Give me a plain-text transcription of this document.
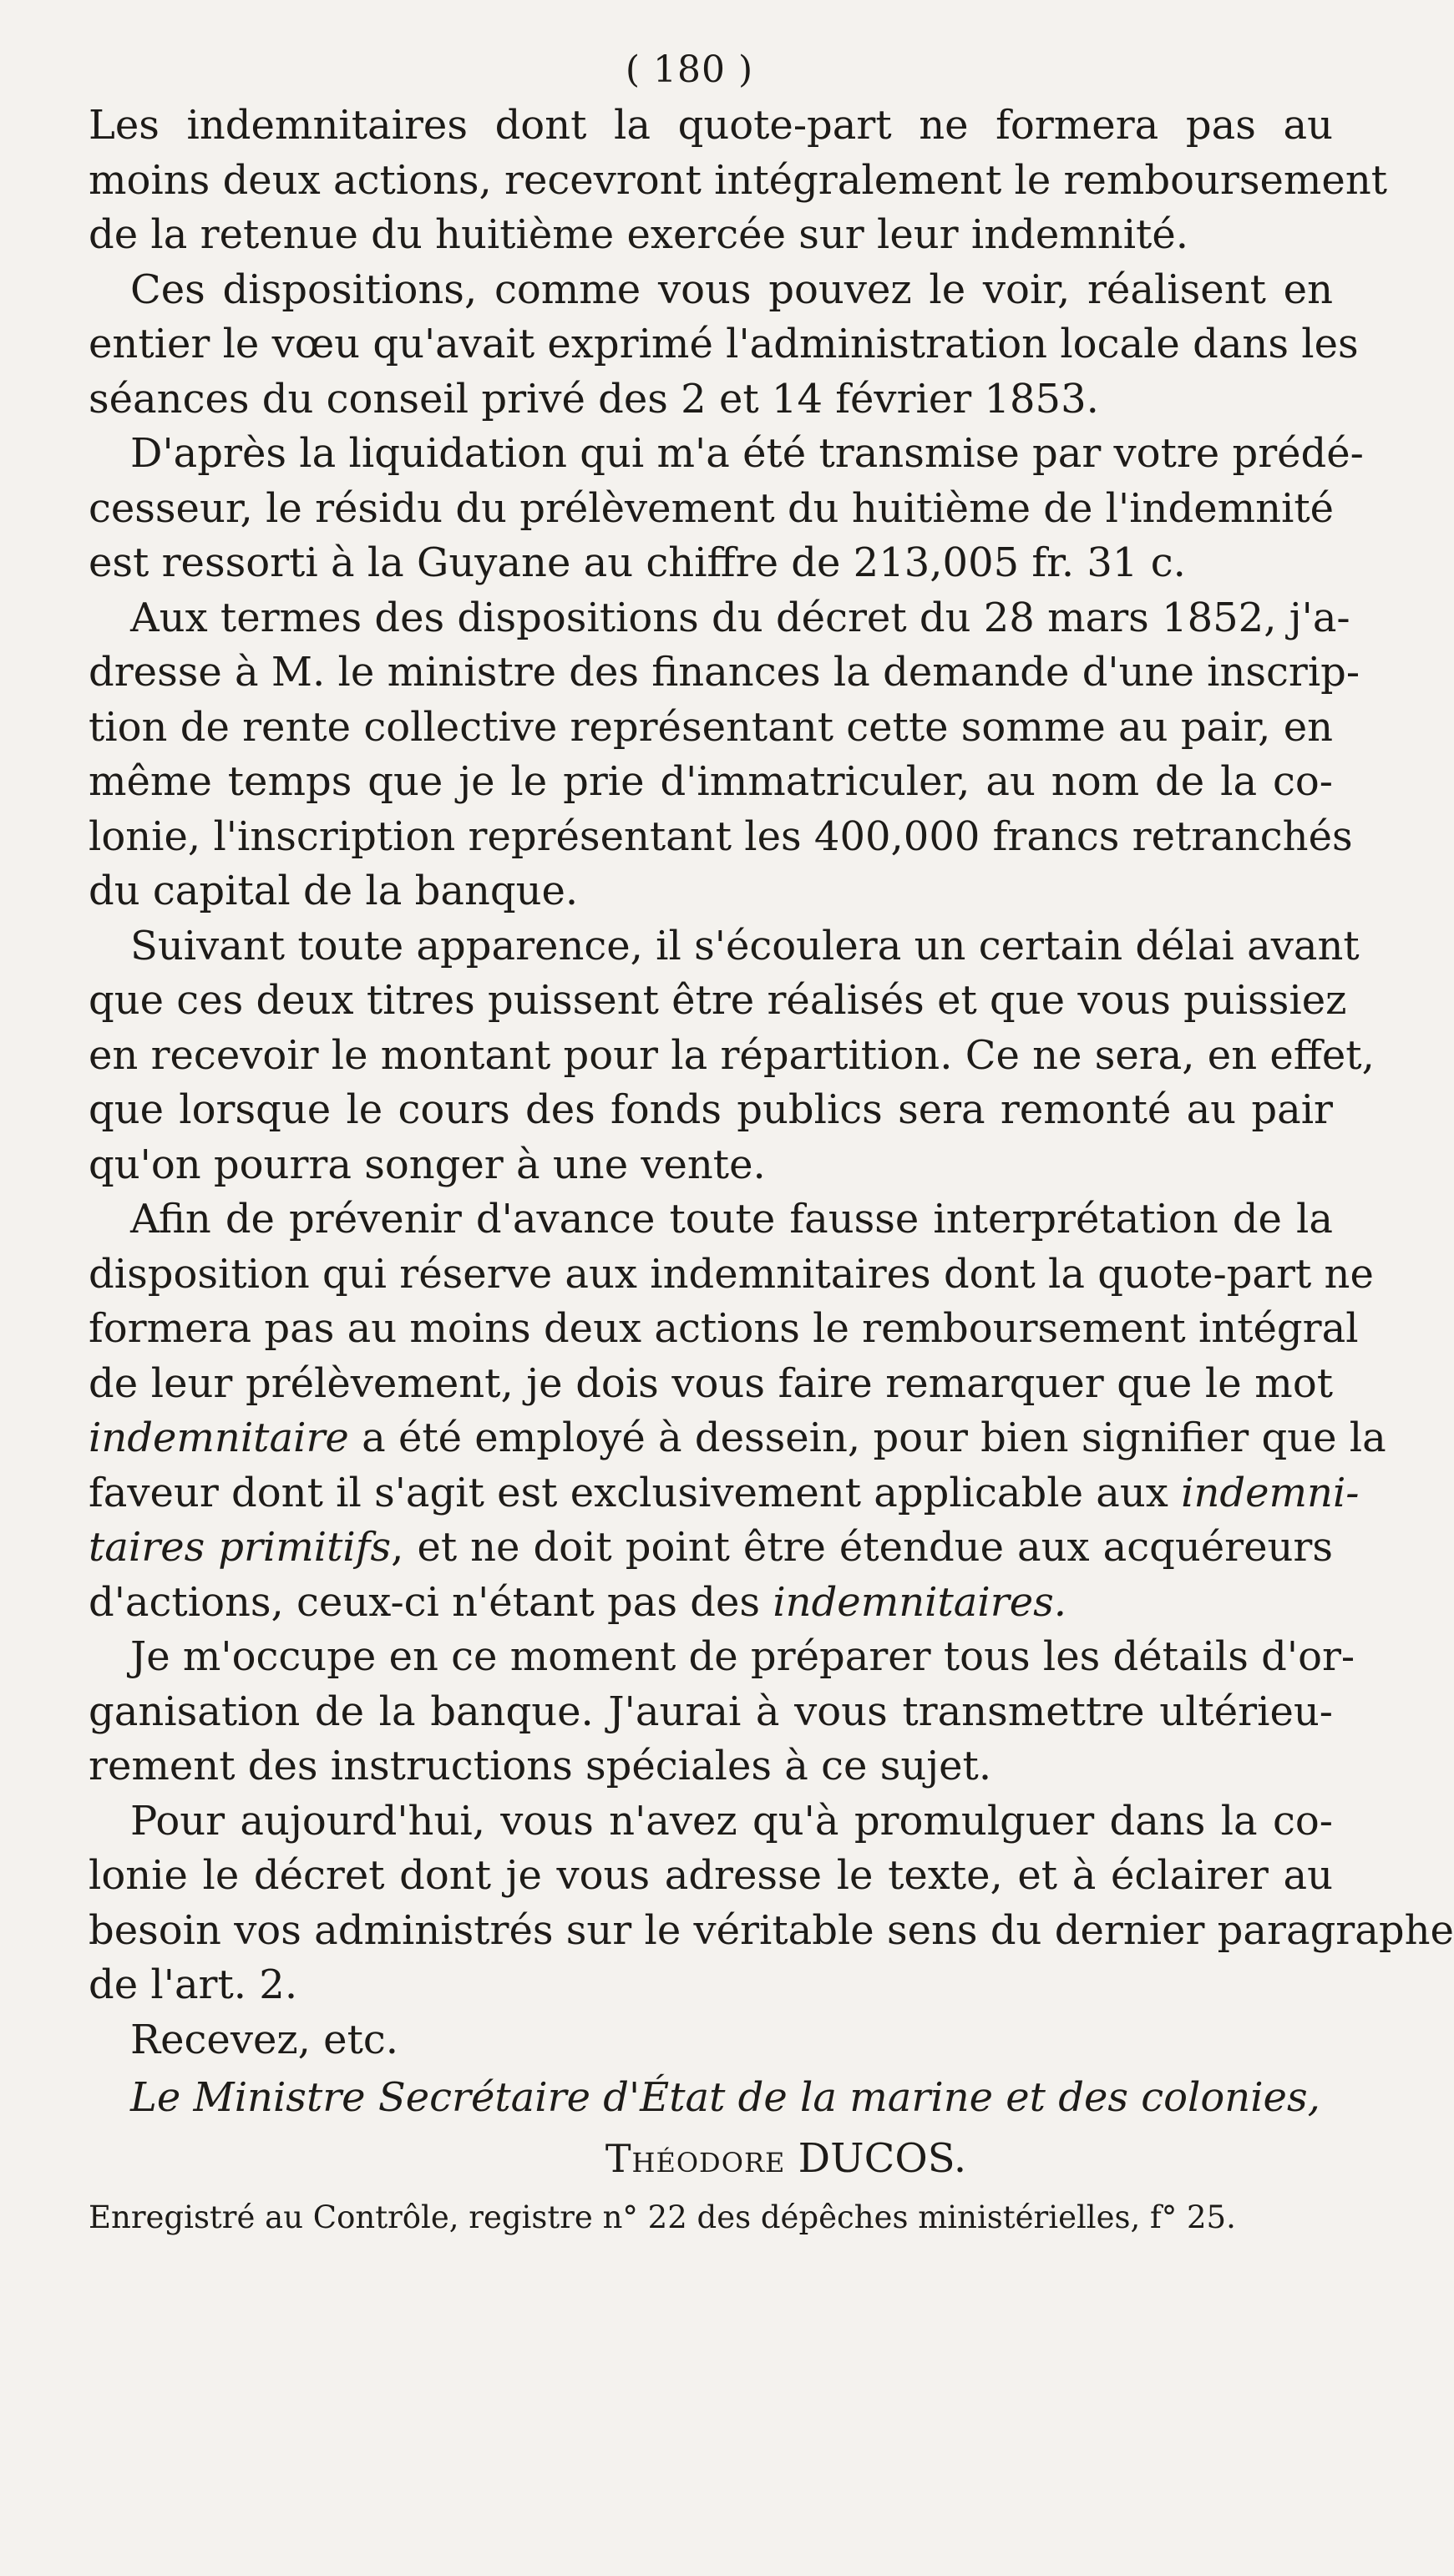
( 180 )
Les indemnitaires dont la quote-part ne formera pas au
moins deux actions, recevront intégralement le remboursement
de la retenue du huitième exercée sur leur indemnité.
Ces dispositions, comme vous pouvez le voir, réalisent en
entier le vœu qu'avait exprimé l'administration locale dans les
séances du conseil privé des 2 et 14 février 1853.
D'après la liquidation qui m'a été transmise par votre prédé-
cesseur, le résidu du prélèvement du huitième de l'indemnité
est ressorti à la Guyane au chiffre de 213,005 fr. 31 c.
Aux termes des dispositions du décret du 28 mars 1852, j'a-
dresse à M. le ministre des finances la demande d'une inscrip-
tion de rente collective représentant cette somme au pair, en
même temps que je le prie d'immatriculer, au nom de la co-
lonie, l'inscription représentant les 400,000 francs retranchés
du capital de la banque.
Suivant toute apparence, il s'écoulera un certain délai avant
que ces deux titres puissent être réalisés et que vous puissiez
en recevoir le montant pour la répartition. Ce ne sera, en effet,
que lorsque le cours des fonds publics sera remonté au pair
qu'on pourra songer à une vente.
Afin de prévenir d'avance toute fausse interprétation de la
disposition qui réserve aux indemnitaires dont la quote-part ne
formera pas au moins deux actions le remboursement intégral
de leur prélèvement, je dois vous faire remarquer que le mot
indemnitaire a été employé à dessein, pour bien signifier que la
faveur dont il s'agit est exclusivement applicable aux indemni-
taires primitifs, et ne doit point être étendue aux acquéreurs
d'actions, ceux-ci n'étant pas des indemnitaires.
Je m'occupe en ce moment de préparer tous les détails d'or-
ganisation de la banque. J'aurai à vous transmettre ultérieu-
rement des instructions spéciales à ce sujet.
Pour aujourd'hui, vous n'avez qu'à promulguer dans la co-
lonie le décret dont je vous adresse le texte, et à éclairer au
besoin vos administrés sur le véritable sens du dernier paragraphe
de l'art. 2.
Recevez, etc.
Le Ministre Secrétaire d'État de la marine et des colonies,
Théodore DUCOS.
Enregistré au Contrôle, registre n° 22 des dépêches ministérielles, f° 25.
